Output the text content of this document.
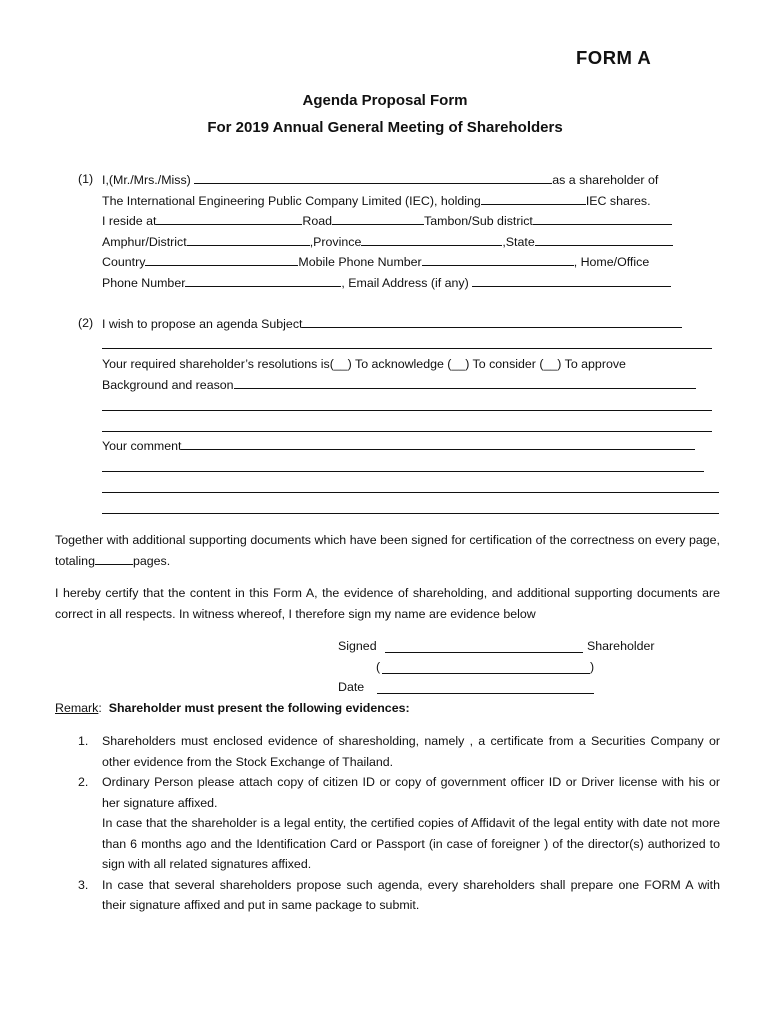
FORM A
Agenda Proposal Form
For 2019 Annual General Meeting of Shareholders
(1) I,(Mr./Mrs./Miss)	as a shareholder of
The International Engineering Public Company Limited (IEC), holding	IEC shares.
I reside at	Road	Tambon/Sub district
Amphur/District	,Province	,State
Country	Mobile Phone Number	, Home/Office
Phone Number	, Email Address (if any)
(2) I wish to propose an agenda Subject
Your required shareholder’s resolutions is(__) To acknowledge (__) To consider (__) To approve
Background and reason
Your comment
Together with additional supporting documents which have been signed for certification of the correctness on every page, totaling	pages.
I hereby certify that the content in this Form A, the evidence of shareholding, and additional supporting documents are correct in all respects. In witness whereof, I therefore sign my name are evidence below
Signed	Shareholder
(	)
Date
Remark: Shareholder must present the following evidences:
1. Shareholders must enclosed evidence of sharesholding, namely , a certificate from a Securities Company or other evidence from the Stock Exchange of Thailand.
2. Ordinary Person please attach copy of citizen ID or copy of government officer ID or Driver license with his or her signature affixed.
In case that the shareholder is a legal entity, the certified copies of Affidavit of the legal entity with date not more than 6 months ago and the Identification Card or Passport (in case of foreigner ) of the director(s) authorized to sign with all related signatures affixed.
3. In case that several shareholders propose such agenda, every shareholders shall prepare one FORM A with their signature affixed and put in same package to submit.
